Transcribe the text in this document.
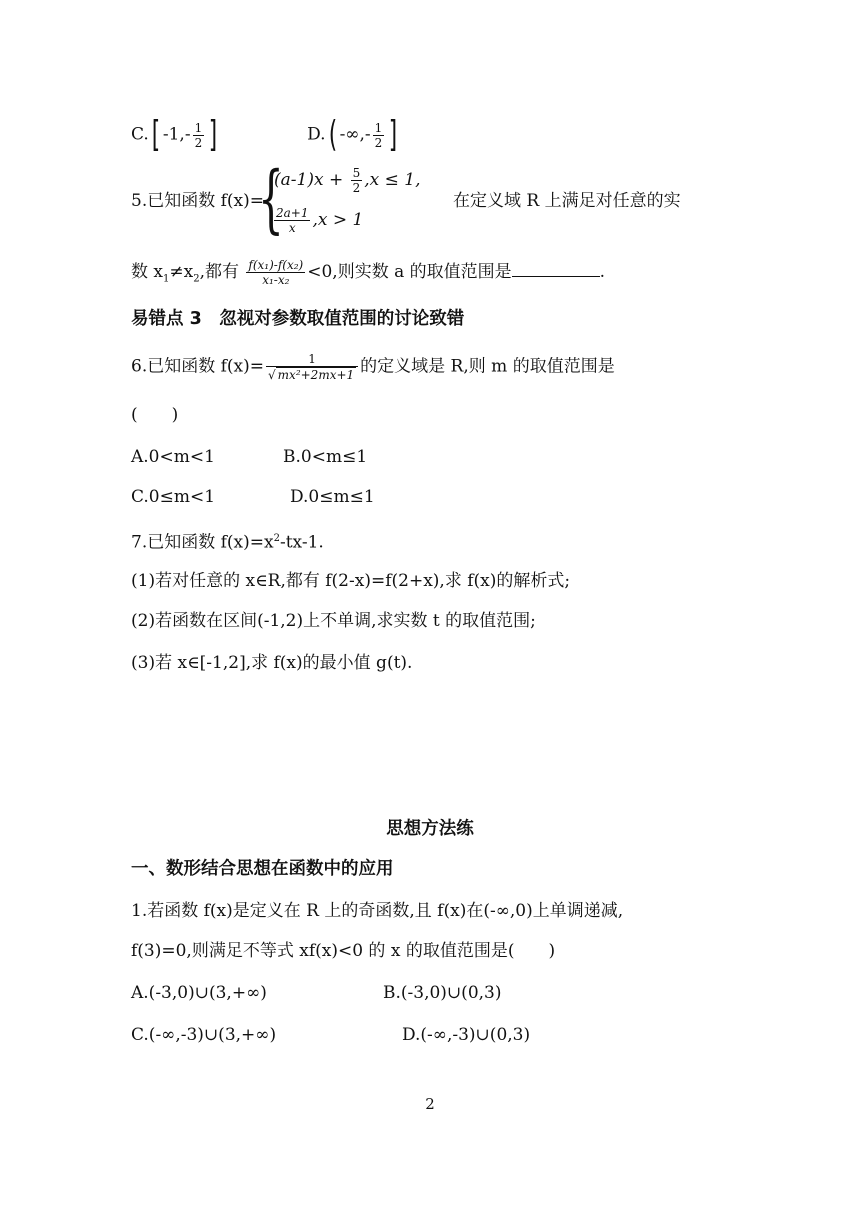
C.[ $-1,- \frac{1}{2}$ ]	D.( -∞,- $\frac{1}{2}$ ]
5.已知函数 f(x)=
{
$(a-1)x + \frac{5}{2} ,x \le 1$,
$\frac{2a+1}{x} ,x > 1$
在定义域 R 上满足对任意的实
数 $x_1\ne x_2$,都有 $\frac{\text{f(x₁)-f(x₂)}}{\text{x₁-x₂}} <0$,则实数 a 的取值范围是	.
易错点 3　忽视对参数取值范围的讨论致错
6.已知函数 $f(x)= \frac{1}{\text{√ mx²+2mx+1}}$ 的定义域是 R,则 m 的取值范围是
(　　)
A.0<m<1	B.0<m≤1
C.0≤m<1	D.0≤m≤1
7.已知函数 $f(x)=x^2-tx-1$.
(1)若对任意的 x∈R,都有 f(2-x)=f(2+x),求 f(x)的解析式;
(2)若函数在区间(-1,2)上不单调,求实数 t 的取值范围;
(3)若 x∈[-1,2],求 f(x)的最小值 g(t).
思想方法练
一、数形结合思想在函数中的应用
1.若函数 f(x)是定义在 R 上的奇函数,且 f(x)在(-∞,0)上单调递减,
f(3)=0,则满足不等式 xf(x)<0 的 x 的取值范围是(　　)
A.(-3,0)∪(3,+∞)	B.(-3,0)∪(0,3)
C.(-∞,-3)∪(3,+∞)	D.(-∞,-3)∪(0,3)
2
